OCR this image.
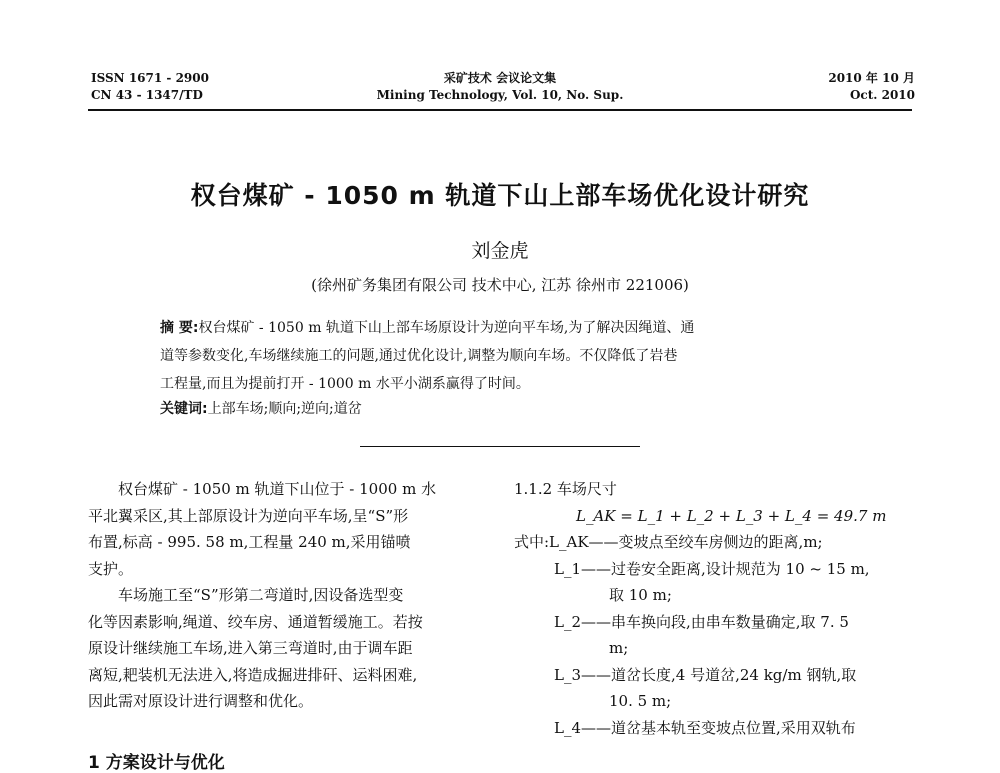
ISSN 1671 - 2900
CN 43 - 1347/TD
采矿技术 会议论文集
Mining Technology, Vol. 10, No. Sup.
2010 年 10 月
Oct. 2010
权台煤矿 - 1050 m 轨道下山上部车场优化设计研究
刘金虎
(徐州矿务集团有限公司 技术中心, 江苏 徐州市 221006)
摘 要:权台煤矿 - 1050 m 轨道下山上部车场原设计为逆向平车场,为了解决因绳道、通
道等参数变化,车场继续施工的问题,通过优化设计,调整为顺向车场。不仅降低了岩巷
工程量,而且为提前打开 - 1000 m 水平小湖系赢得了时间。
关键词:上部车场;顺向;逆向;道岔
权台煤矿 - 1050 m 轨道下山位于 - 1000 m 水
平北翼采区,其上部原设计为逆向平车场,呈“S”形
布置,标高 - 995. 58 m,工程量 240 m,采用锚喷
支护。
车场施工至“S”形第二弯道时,因设备选型变
化等因素影响,绳道、绞车房、通道暂缓施工。若按
原设计继续施工车场,进入第三弯道时,由于调车距
离短,耙装机无法进入,将造成掘进排矸、运料困难,
因此需对原设计进行调整和优化。
1 方案设计与优化
1.1.2 车场尺寸
L_AK = L_1 + L_2 + L_3 + L_4 = 49.7 m
式中:L_AK——变坡点至绞车房侧边的距离,m;
L_1——过卷安全距离,设计规范为 10 ~ 15 m,
取 10 m;
L_2——串车换向段,由串车数量确定,取 7. 5
m;
L_3——道岔长度,4 号道岔,24 kg/m 钢轨,取
10. 5 m;
L_4——道岔基本轨至变坡点位置,采用双轨布
